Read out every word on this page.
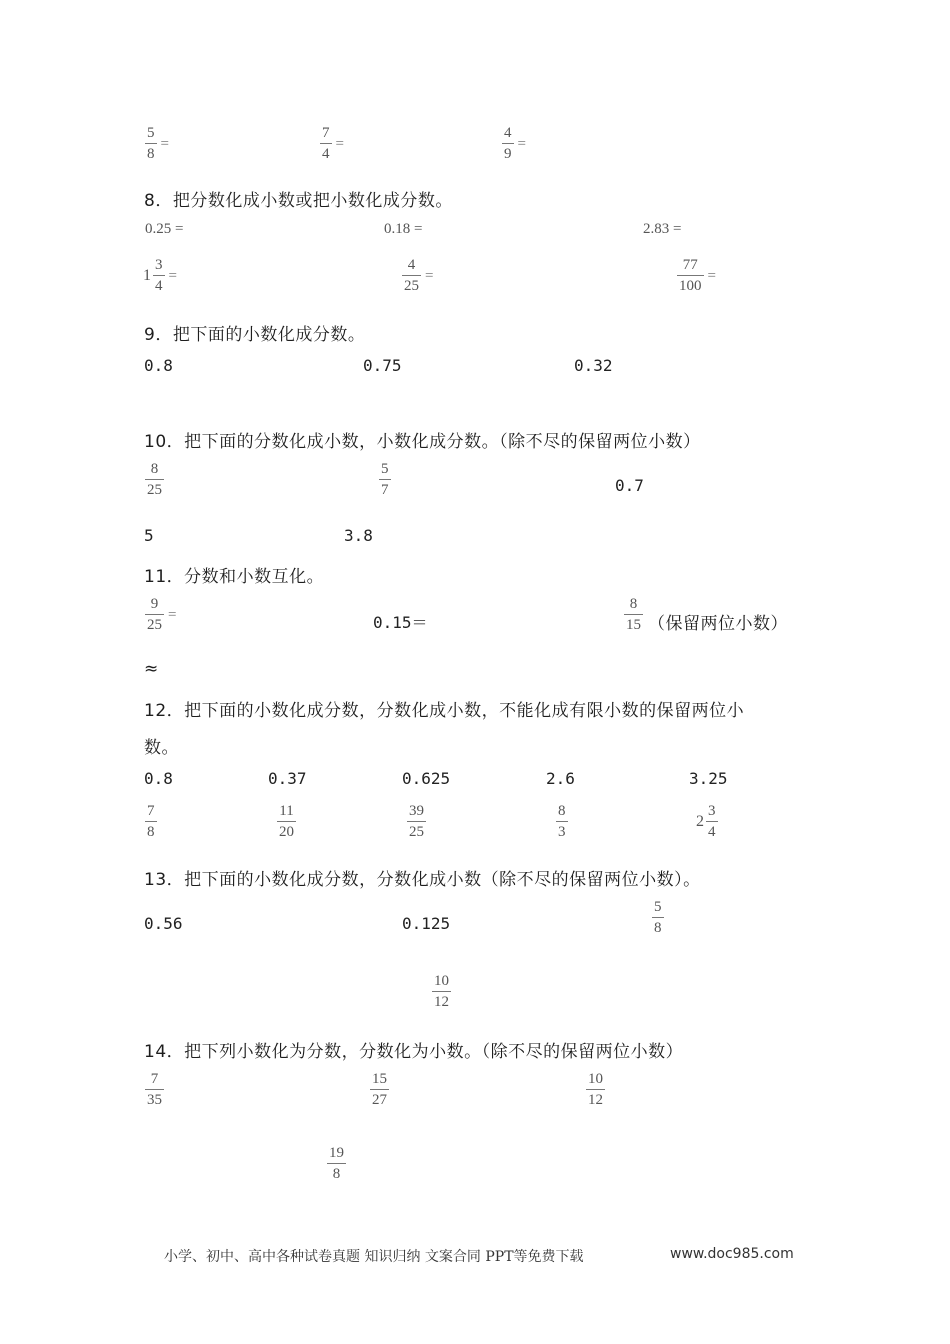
5
8
=
7
4
=
4
9
=
8．把分数化成小数或把小数化成分数。
0.25 =	0.18 =	2.83 =
1
3
4
=
4
25
=
77
100
=
9．把下面的小数化成分数。
0.8	0.75	0.32
10．把下面的分数化成小数，小数化成分数。（除不尽的保留两位小数）
8
25
5
7	0.7
5	3.8
11．分数和小数互化。
9
25
=	0.15＝
8
15 （保留两位小数）
≈
12．把下面的小数化成分数，分数化成小数，不能化成有限小数的保留两位小
数。
0.8	0.37	0.625	2.6	3.25
7
8
11
20
39
25
8
3
2
3
4
13．把下面的小数化成分数，分数化成小数（除不尽的保留两位小数）。
0.56	0.125
5
8
10
12
14．把下列小数化为分数，分数化为小数。（除不尽的保留两位小数）
7
35
15
27
10
12
19
8
小学、初中、高中各种试卷真题 知识归纳 文案合同 PPT等免费下载	www.doc985.com
